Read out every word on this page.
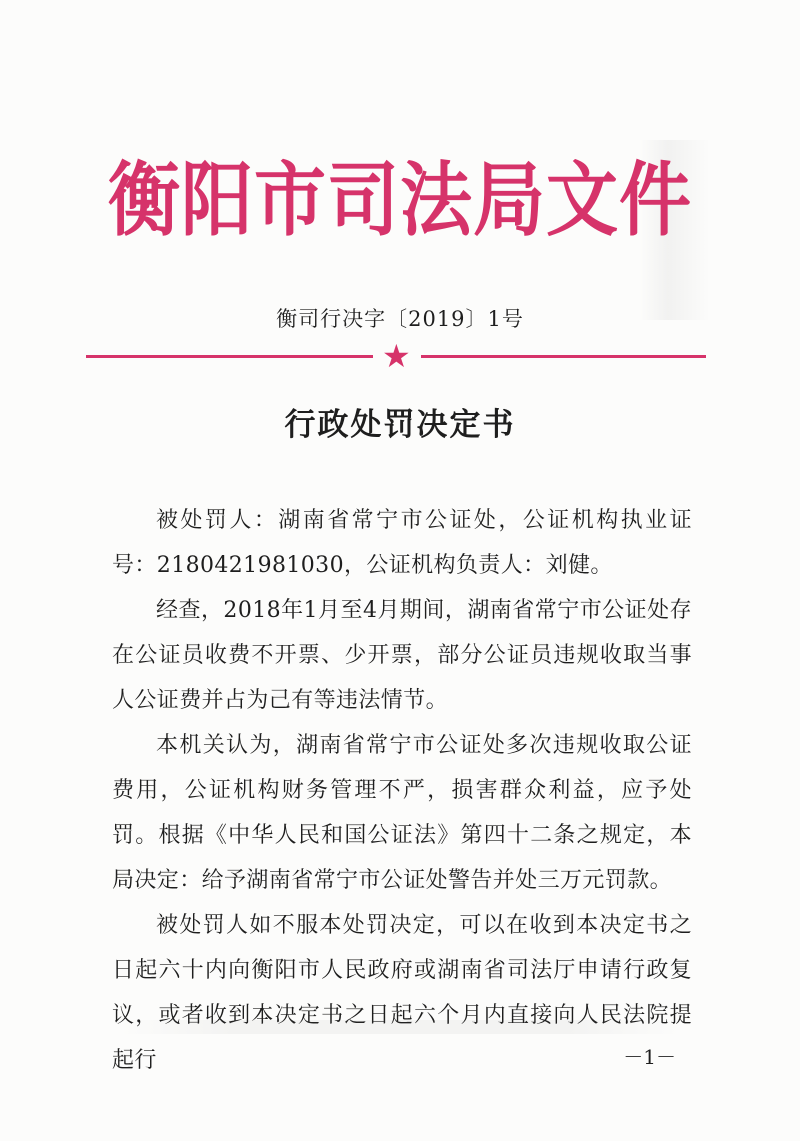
衡阳市司法局文件
衡司行决字〔2019〕1号
★
行政处罚决定书

被处罚人：湖南省常宁市公证处，公证机构执业证号：2180421981030，公证机构负责人：刘健。

经查，2018年1月至4月期间，湖南省常宁市公证处存在公证员收费不开票、少开票，部分公证员违规收取当事人公证费并占为己有等违法情节。

本机关认为，湖南省常宁市公证处多次违规收取公证费用，公证机构财务管理不严，损害群众利益，应予处罚。根据《中华人民和国公证法》第四十二条之规定，本局决定：给予湖南省常宁市公证处警告并处三万元罚款。

被处罚人如不服本处罚决定，可以在收到本决定书之日起六十内向衡阳市人民政府或湖南省司法厅申请行政复议，或者收到本决定书之日起六个月内直接向人民法院提起行	－1－
